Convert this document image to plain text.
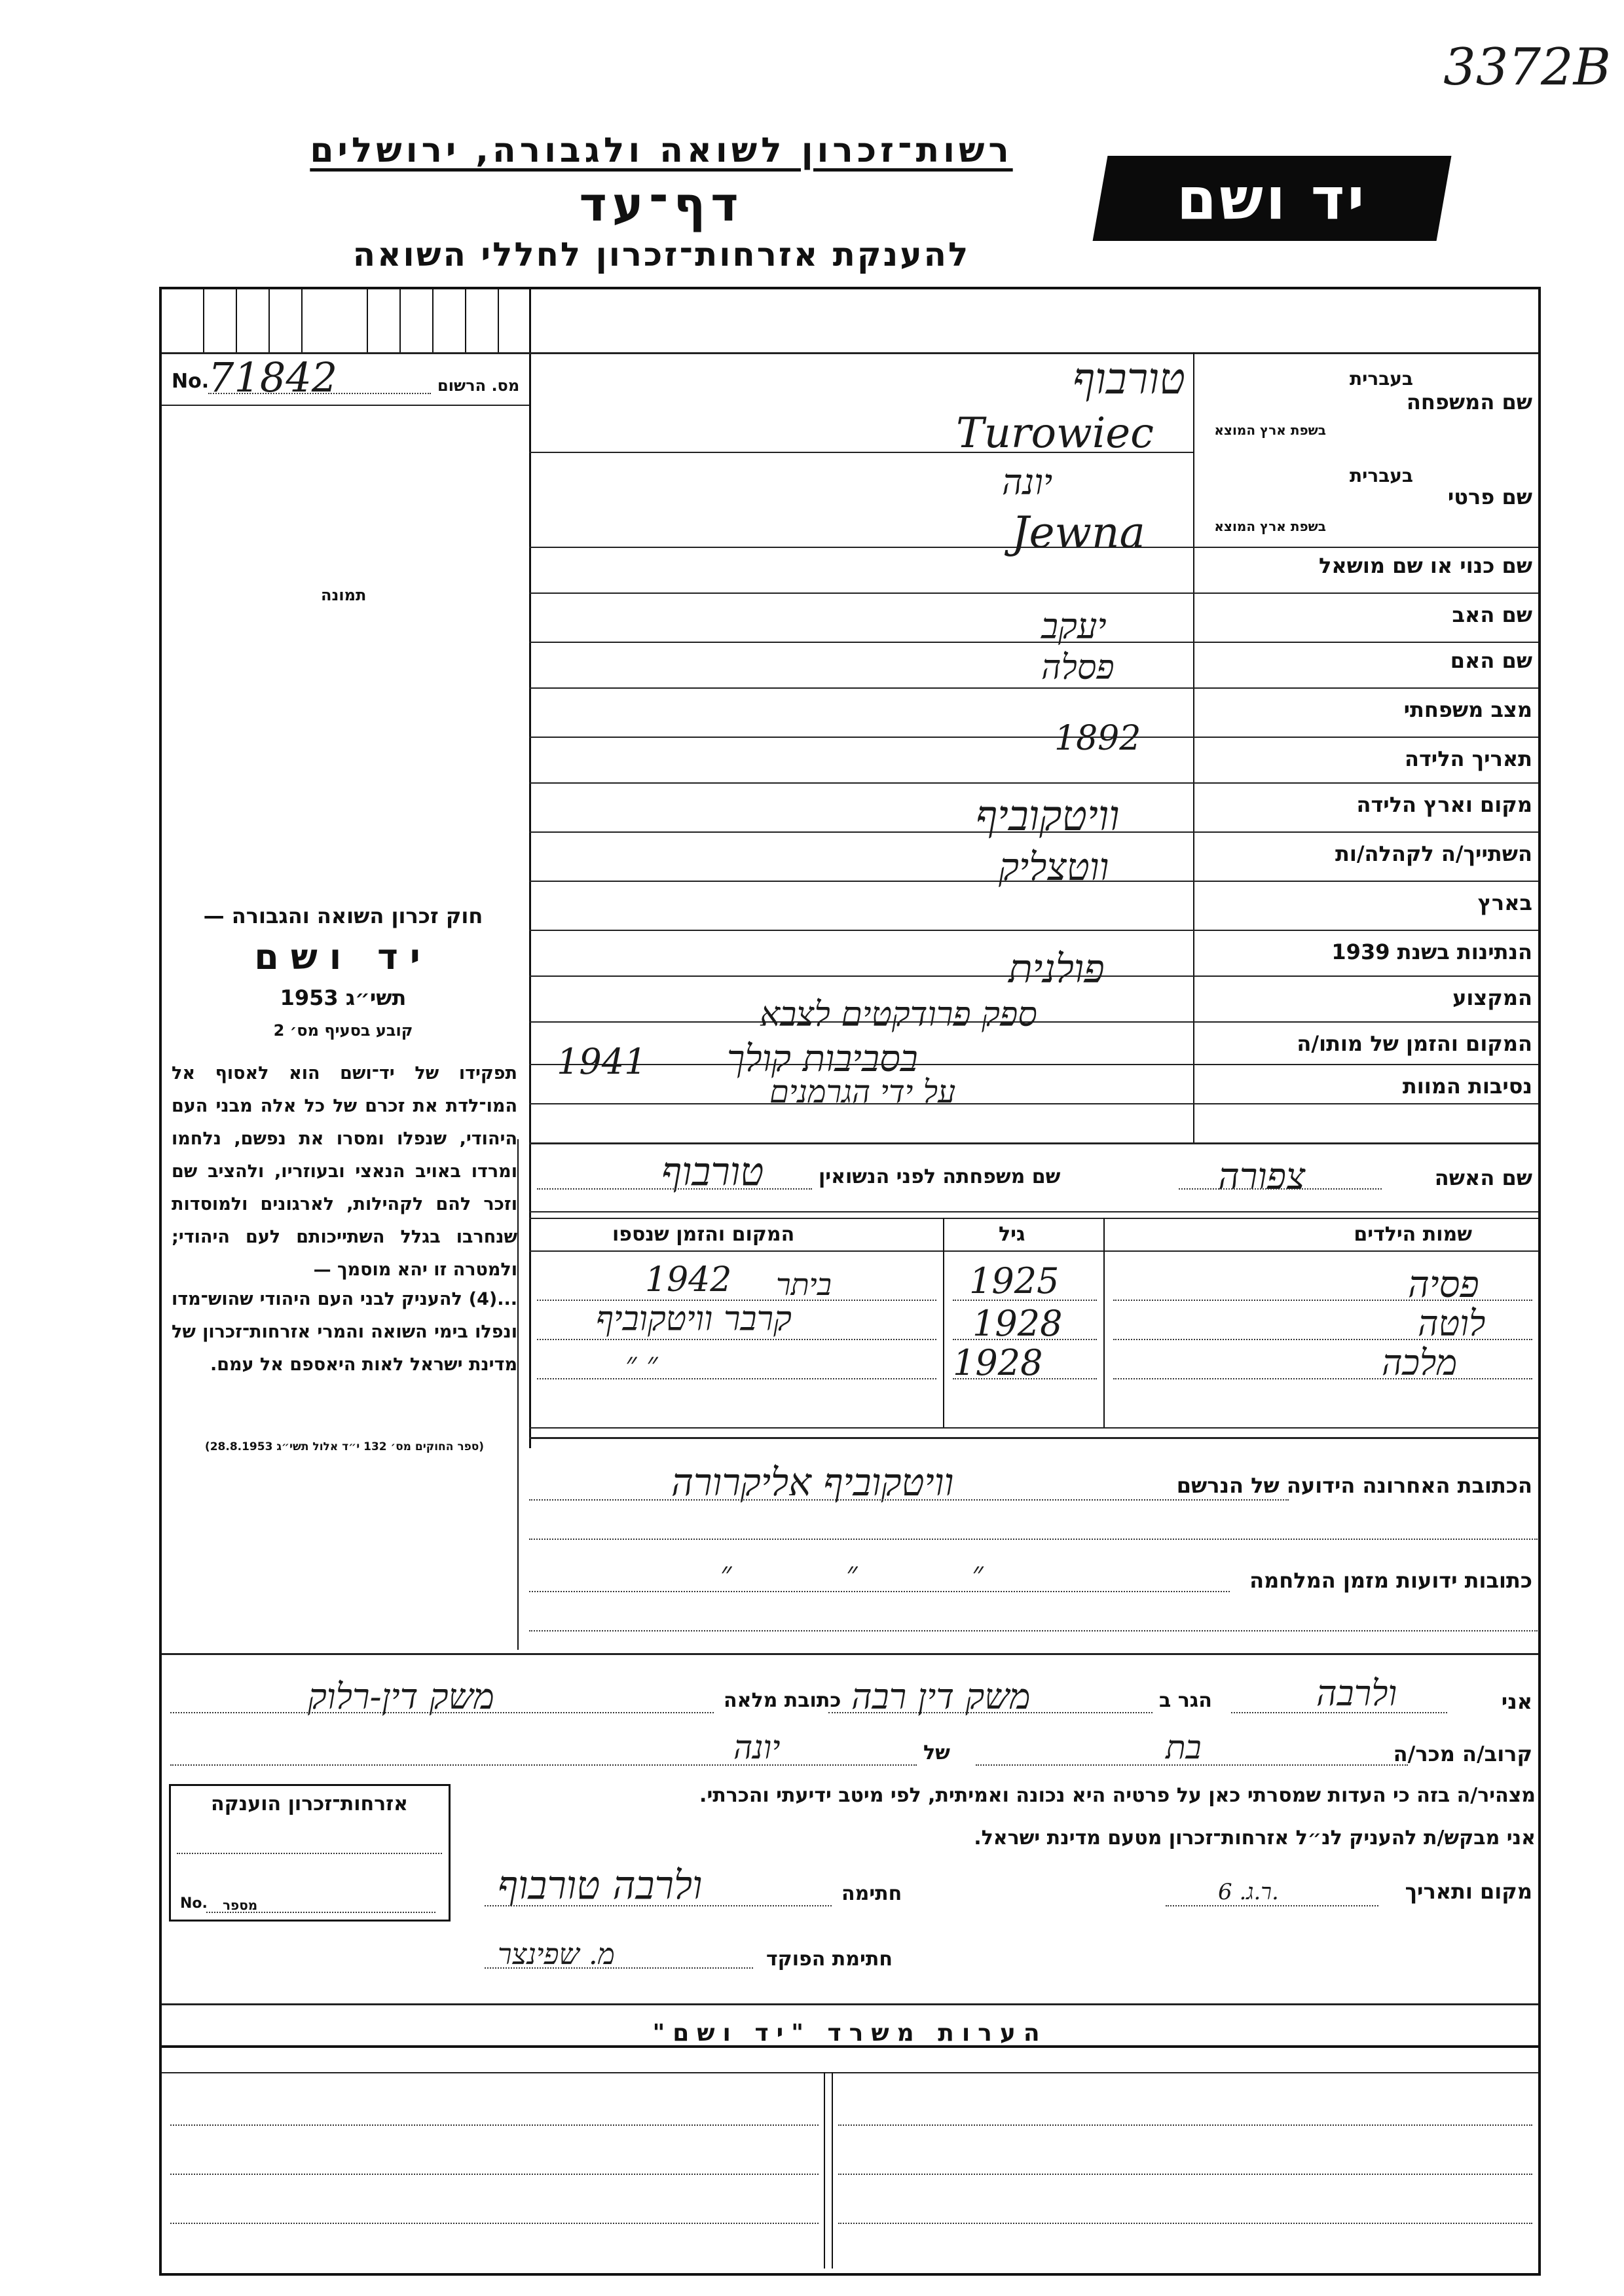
3372В
רשות־זכרון לשואה ולגבורה, ירושלים
דף־עד
להענקת אזרחות־זכרון לחללי השואה
יד ושם
No.
71842	מס. הרשום
תמונה
חוק זכרון השואה והגבורה —
יד ושם
תשי״ג 1953
קובע בסעיף מס׳ 2
תפקידו של יד־ושם הוא לאסוף אל המו־לדת את זכרם של כל אלה מבני העם היהודי, שנפלו ומסרו את נפשם, נלחמו ומרדו באויב הנאצי ובעוזריו, ולהציב שם וזכר להם לקהילות, לארגונים ולמוסדות שנחרבו בגלל השתייכותם לעם היהודי; ולמטרה זו יהא מוסמך —
...(4) להעניק לבני העם היהודי שהוש־מדו ונפלו בימי השואה והמרי אזרחות־זכרון של מדינת ישראל לאות היאספם אל עמם.
(ספר החוקים מס׳ 132 י״ד אלול תשי״ג 28.8.1953)
שם המשפחה
בעברית
בשפת ארץ המוצא
טורבוף
Turowiec
שם פרטי
בעברית
בשפת ארץ המוצא
יונה
Jewna
שם כנוי או שם מושאל
שם האב
יעקב
שם האם
פסלה
מצב משפחתי
תאריך הלידה
1892
מקום וארץ הלידה
וויטקוביף
השתייך/ה לקהלה/ות
ווטצליק
בארץ
הנתינות בשנת 1939
פולנית
המקצוע
ספק פרודקטים לצבא
המקום והזמן של מותו/ה
בסביבות קולך
1941
נסיבות המוות
על ידי הגרמנים
שם האשה
צפורה
שם משפחתה לפני הנשואין
טורבוף
שמות הילדים
גיל
המקום והזמן שנספו
פסיה
1925
ביתר
1942
לוטה
1928
קרבר וויטקוביף
מלכה
1928
״ ״
הכתובת האחרונה הידועה של הנרשם
וויטקוביף אליקרורה
כתובות ידועות מזמן המלחמה
״ ״ ״
אני
ולרבה
הגר ב
משק דין רבה
כתובת מלאה
משק דין-רלוק
קרוב/ה מכר/ה
בת
של
יונה
מצהיר/ה בזה כי העדות שמסרתי כאן על פרטיה היא נכונה ואמיתית, לפי מיטב ידיעתי והכרתי.
אני מבקש/ת להעניק לנ״ל אזרחות־זכרון מטעם מדינת ישראל.
מקום ותאריך
ר.ג. 6.
חתימה
ולרבה טורבוף
חתימת הפוקד
מ. שפינצר
אזרחות־זכרון הוענקה
No. מספר
הערות משרד "יד ושם"
